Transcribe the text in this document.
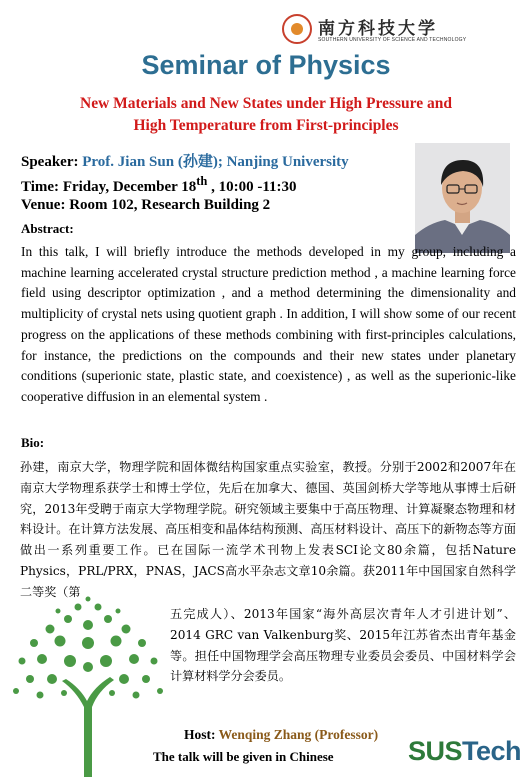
南方科技大学
SOUTHERN UNIVERSITY OF SCIENCE AND TECHNOLOGY
Seminar of Physics
New Materials and New States under High Pressure and
High Temperature from First-principles
Speaker: Prof. Jian Sun (孙建); Nanjing University
Time: Friday, December 18th , 10:00 -11:30
Venue: Room 102, Research Building 2
Abstract:
In this talk, I will briefly introduce the methods developed in my group, including a machine learning accelerated crystal structure prediction method , a machine learning force field using descriptor optimization , and a method determining the dimensionality and multiplicity of crystal nets using quotient graph . In addition, I will show some of our recent progress on the applications of these methods combining with first-principles calculations, for instance, the predictions on the compounds and their new states under planetary conditions (superionic state, plastic state, and coexistence) , as well as the superionic-like cooperative diffusion in an elemental system .
Bio:
孙建，南京大学，物理学院和固体微结构国家重点实验室，教授。分别于2002和2007年在南京大学物理系获学士和博士学位，先后在加拿大、德国、英国剑桥大学等地从事博士后研究，2013年受聘于南京大学物理学院。研究领域主要集中于高压物理、计算凝聚态物理和材料设计。在计算方法发展、高压相变和晶体结构预测、高压材料设计、高压下的新物态等方面做出一系列重要工作。已在国际一流学术刊物上发表SCI论文80余篇，包括Nature Physics，PRL/PRX，PNAS，JACS高水平杂志文章10余篇。获2011年中国国家自然科学二等奖（第
五完成人）、2013年国家“海外高层次青年人才引进计划”、2014 GRC van Valkenburg奖、2015年江苏省杰出青年基金等。担任中国物理学会高压物理专业委员会委员、中国材料学会计算材料学分会委员。
Host: Wenqing Zhang (Professor)
The talk will be given in Chinese	SUSTech
